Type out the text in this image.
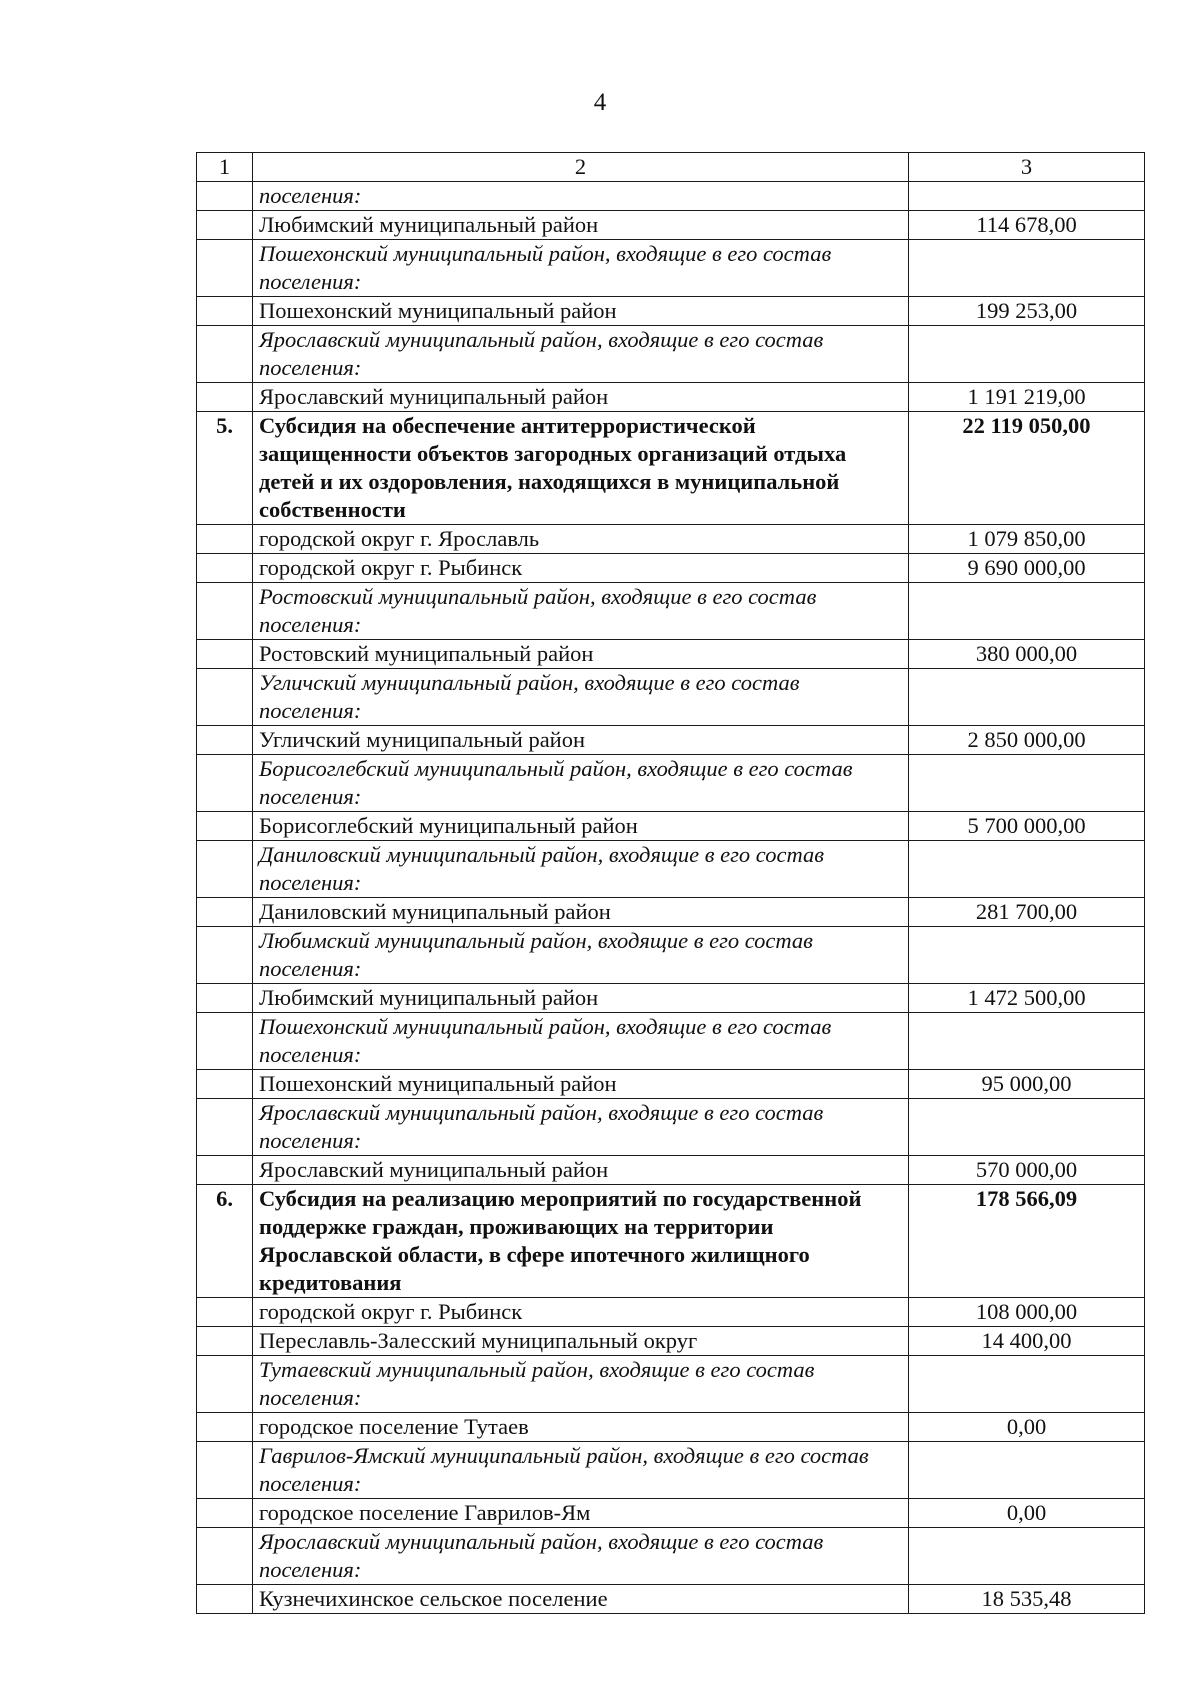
4
1	2	3
	поселения:	
	Любимский муниципальный район	114 678,00
	Пошехонский муниципальный район, входящие в его состав поселения:	
	Пошехонский муниципальный район	199 253,00
	Ярославский муниципальный район, входящие в его состав поселения:	
	Ярославский муниципальный район	1 191 219,00
5.	Субсидия на обеспечение антитеррористической защищенности объектов загородных организаций отдыха детей и их оздоровления, находящихся в муниципальной собственности	22 119 050,00
	городской округ г. Ярославль	1 079 850,00
	городской округ г. Рыбинск	9 690 000,00
	Ростовский муниципальный район, входящие в его состав поселения:	
	Ростовский муниципальный район	380 000,00
	Угличский муниципальный район, входящие в его состав поселения:	
	Угличский муниципальный район	2 850 000,00
	Борисоглебский муниципальный район, входящие в его состав поселения:	
	Борисоглебский муниципальный район	5 700 000,00
	Даниловский муниципальный район, входящие в его состав поселения:	
	Даниловский муниципальный район	281 700,00
	Любимский муниципальный район, входящие в его состав поселения:	
	Любимский муниципальный район	1 472 500,00
	Пошехонский муниципальный район, входящие в его состав поселения:	
	Пошехонский муниципальный район	95 000,00
	Ярославский муниципальный район, входящие в его состав поселения:	
	Ярославский муниципальный район	570 000,00
6.	Субсидия на реализацию мероприятий по государственной поддержке граждан, проживающих на территории Ярославской области, в сфере ипотечного жилищного кредитования	178 566,09
	городской округ г. Рыбинск	108 000,00
	Переславль-Залесский муниципальный округ	14 400,00
	Тутаевский муниципальный район, входящие в его состав поселения:	
	городское поселение Тутаев	0,00
	Гаврилов-Ямский муниципальный район, входящие в его состав поселения:	
	городское поселение Гаврилов-Ям	0,00
	Ярославский муниципальный район, входящие в его состав поселения:	
	Кузнечихинское сельское поселение	18 535,48
